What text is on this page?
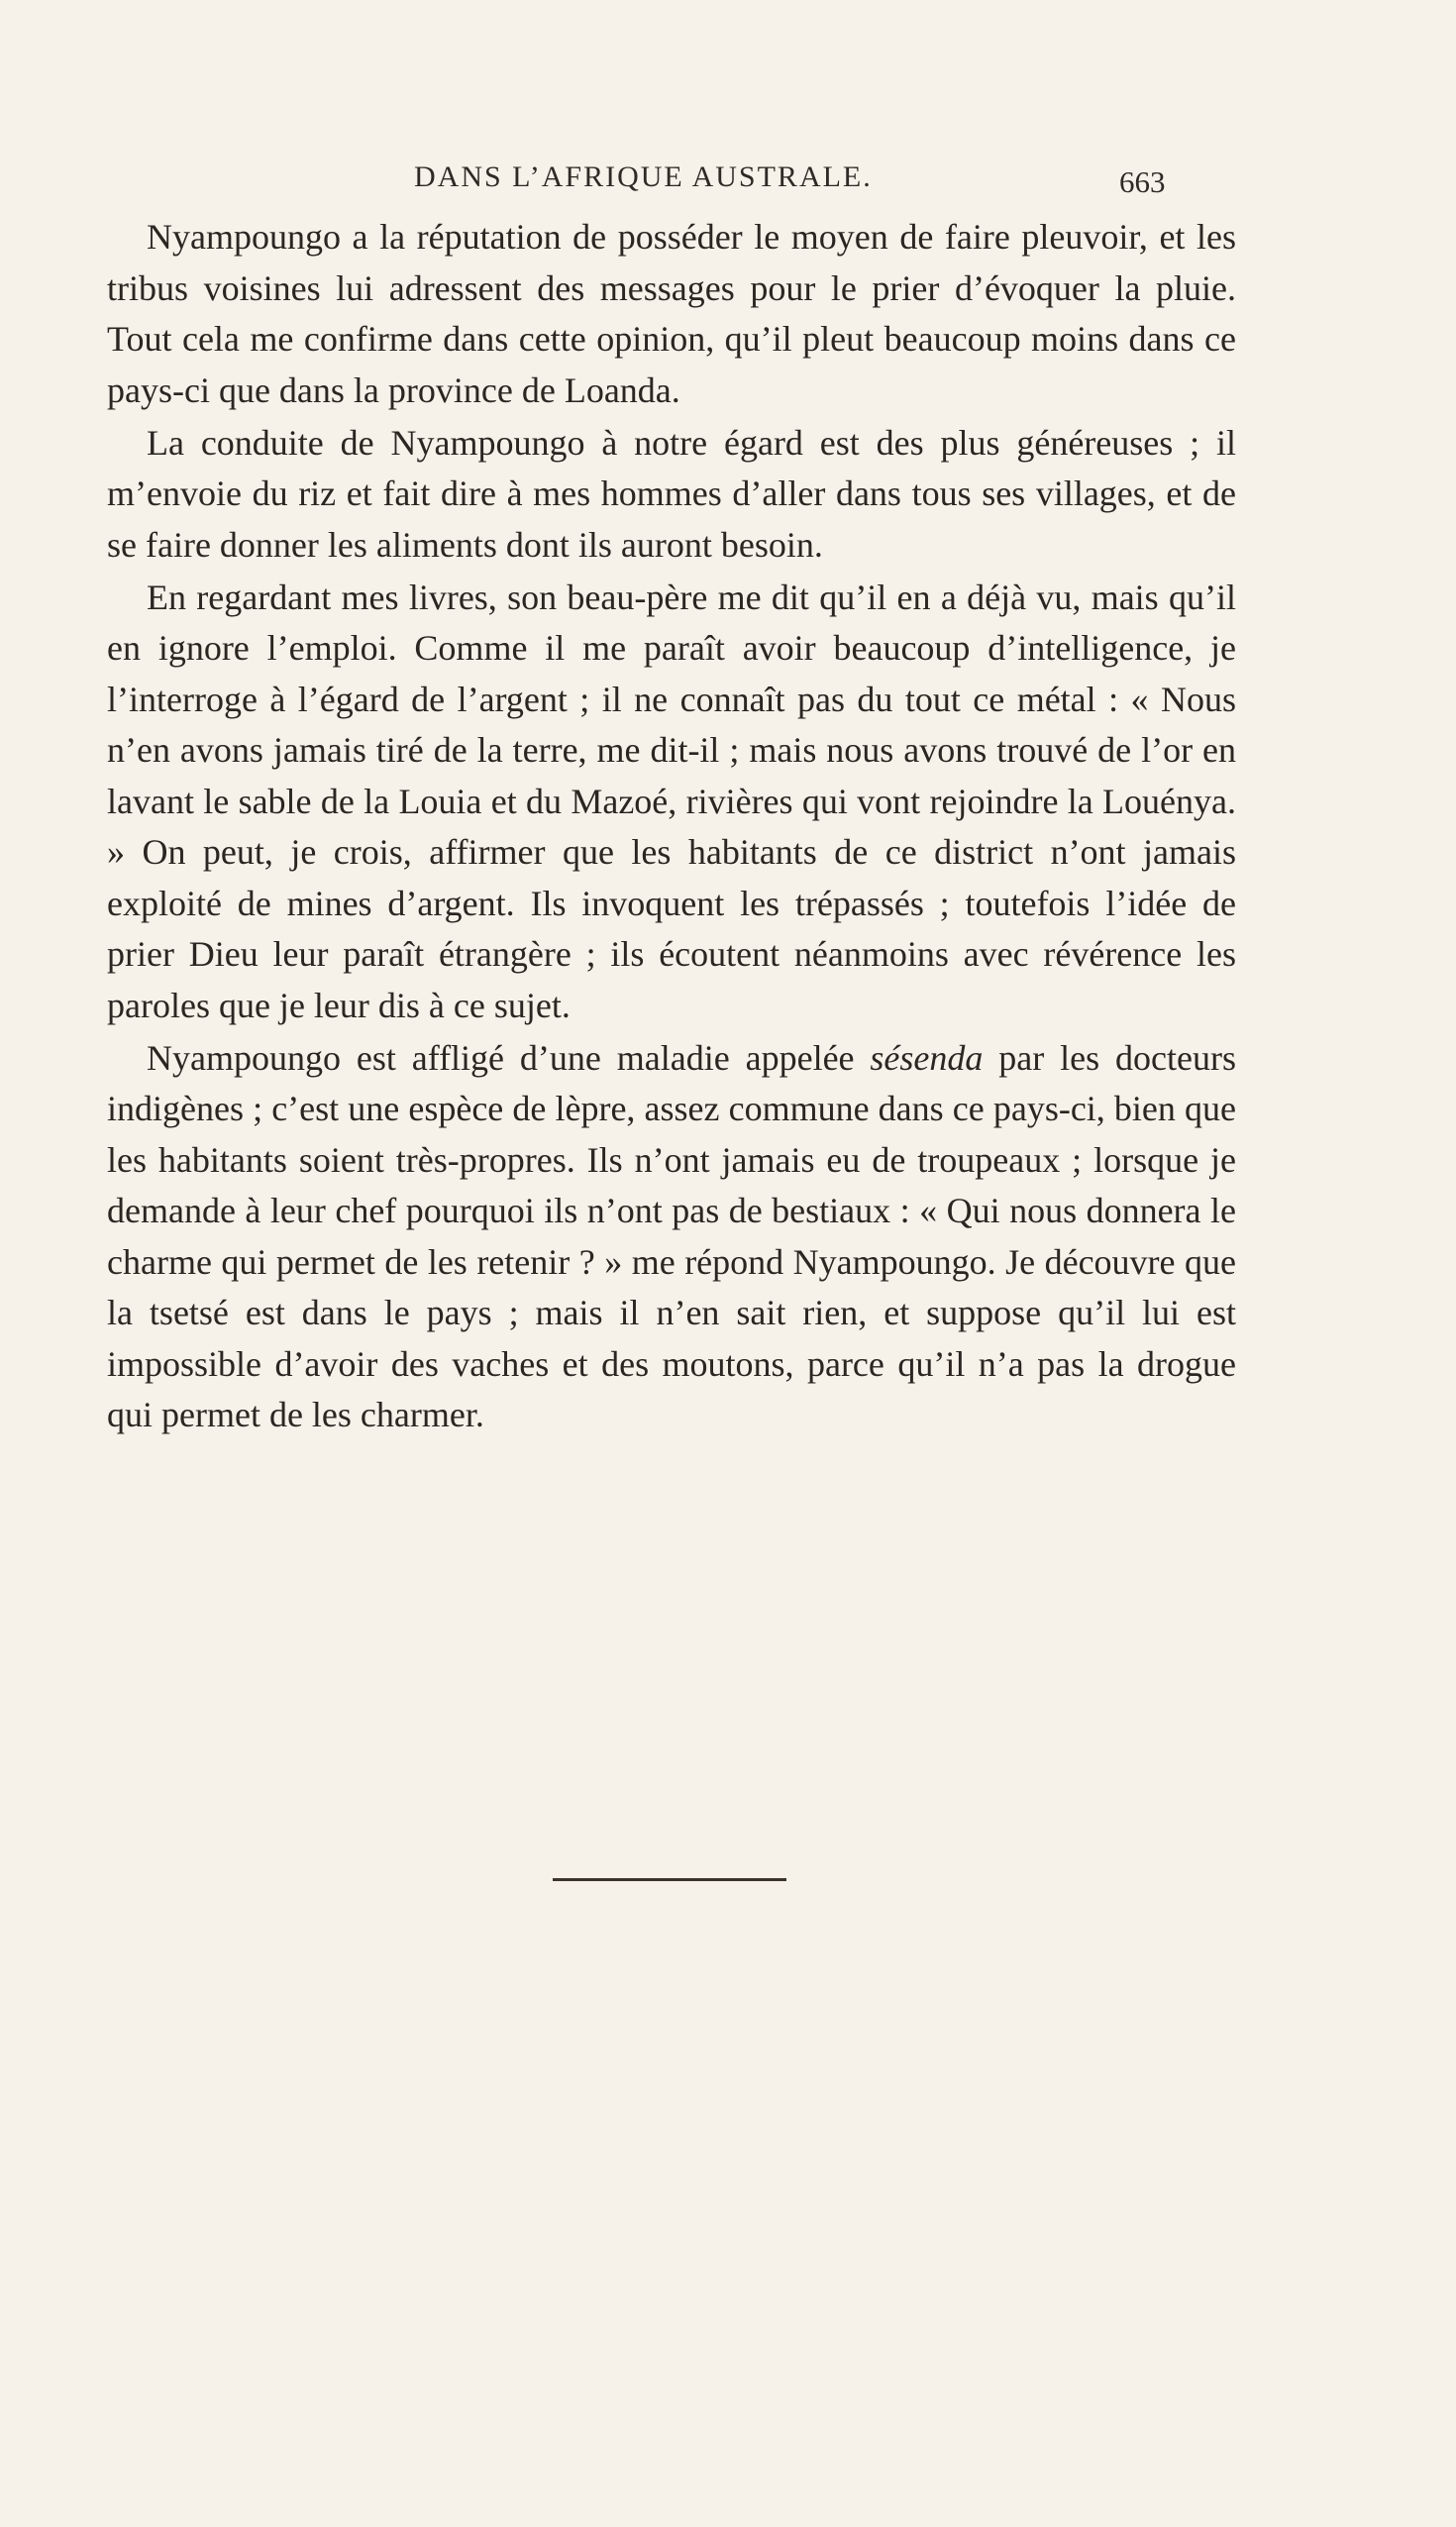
DANS L’AFRIQUE AUSTRALE.	663

Nyampoungo a la réputation de posséder le moyen de faire pleuvoir, et les tribus voisines lui adressent des messages pour le prier d’évoquer la pluie. Tout cela me confirme dans cette opinion, qu’il pleut beaucoup moins dans ce pays-ci que dans la province de Loanda.

La conduite de Nyampoungo à notre égard est des plus généreuses ; il m’envoie du riz et fait dire à mes hommes d’aller dans tous ses villages, et de se faire donner les aliments dont ils auront besoin.

En regardant mes livres, son beau-père me dit qu’il en a déjà vu, mais qu’il en ignore l’emploi. Comme il me paraît avoir beaucoup d’intelligence, je l’interroge à l’égard de l’argent ; il ne connaît pas du tout ce métal : « Nous n’en avons jamais tiré de la terre, me dit-il ; mais nous avons trouvé de l’or en lavant le sable de la Louia et du Mazoé, rivières qui vont rejoindre la Louénya. » On peut, je crois, affirmer que les habitants de ce district n’ont jamais exploité de mines d’argent. Ils invoquent les trépassés ; toutefois l’idée de prier Dieu leur paraît étrangère ; ils écoutent néanmoins avec révérence les paroles que je leur dis à ce sujet.

Nyampoungo est affligé d’une maladie appelée sésenda par les docteurs indigènes ; c’est une espèce de lèpre, assez commune dans ce pays-ci, bien que les habitants soient très-propres. Ils n’ont jamais eu de troupeaux ; lorsque je demande à leur chef pourquoi ils n’ont pas de bestiaux : « Qui nous donnera le charme qui permet de les retenir ? » me répond Nyampoungo. Je découvre que la tsetsé est dans le pays ; mais il n’en sait rien, et suppose qu’il lui est impossible d’avoir des vaches et des moutons, parce qu’il n’a pas la drogue qui permet de les charmer.
